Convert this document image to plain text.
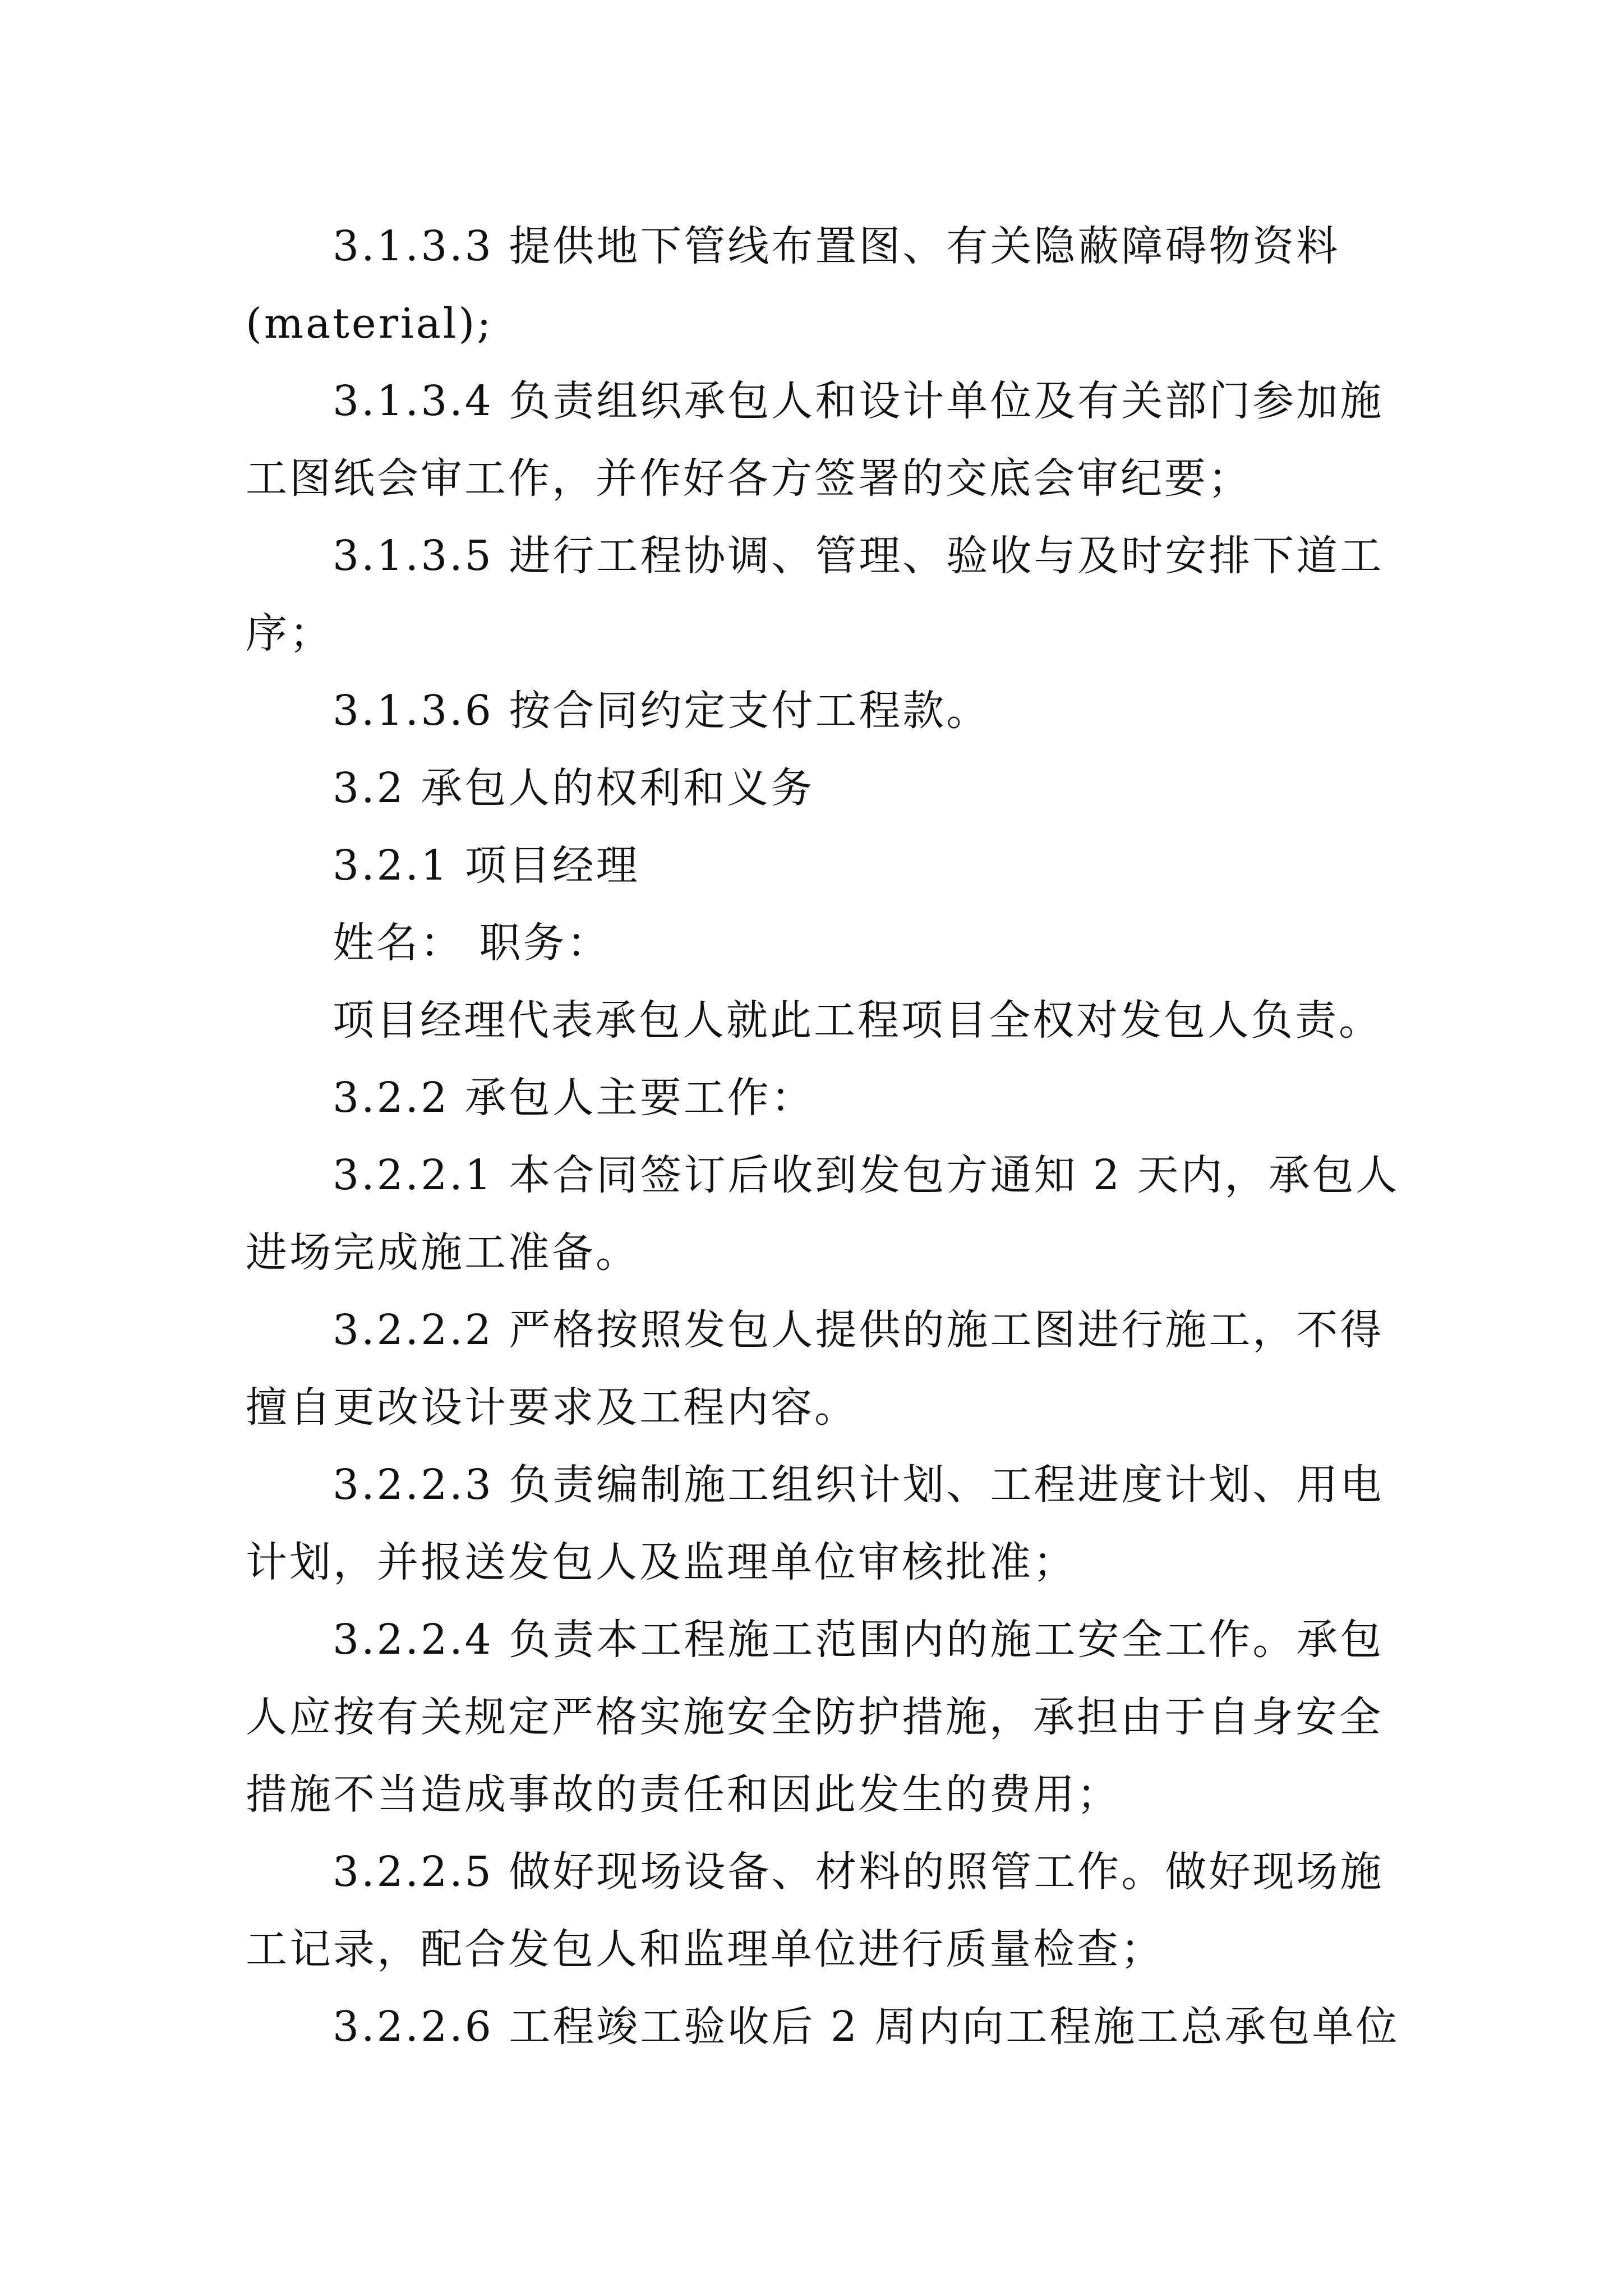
3.1.3.3 提供地下管线布置图、有关隐蔽障碍物资料
(material);
3.1.3.4 负责组织承包人和设计单位及有关部门参加施
工图纸会审工作，并作好各方签署的交底会审纪要；
3.1.3.5 进行工程协调、管理、验收与及时安排下道工
序；
3.1.3.6 按合同约定支付工程款。
3.2 承包人的权利和义务
3.2.1 项目经理
姓名： 职务：
项目经理代表承包人就此工程项目全权对发包人负责。
3.2.2 承包人主要工作：
3.2.2.1 本合同签订后收到发包方通知 2 天内，承包人
进场完成施工准备。
3.2.2.2 严格按照发包人提供的施工图进行施工，不得
擅自更改设计要求及工程内容。
3.2.2.3 负责编制施工组织计划、工程进度计划、用电
计划，并报送发包人及监理单位审核批准；
3.2.2.4 负责本工程施工范围内的施工安全工作。承包
人应按有关规定严格实施安全防护措施，承担由于自身安全
措施不当造成事故的责任和因此发生的费用；
3.2.2.5 做好现场设备、材料的照管工作。做好现场施
工记录，配合发包人和监理单位进行质量检查；
3.2.2.6 工程竣工验收后 2 周内向工程施工总承包单位
